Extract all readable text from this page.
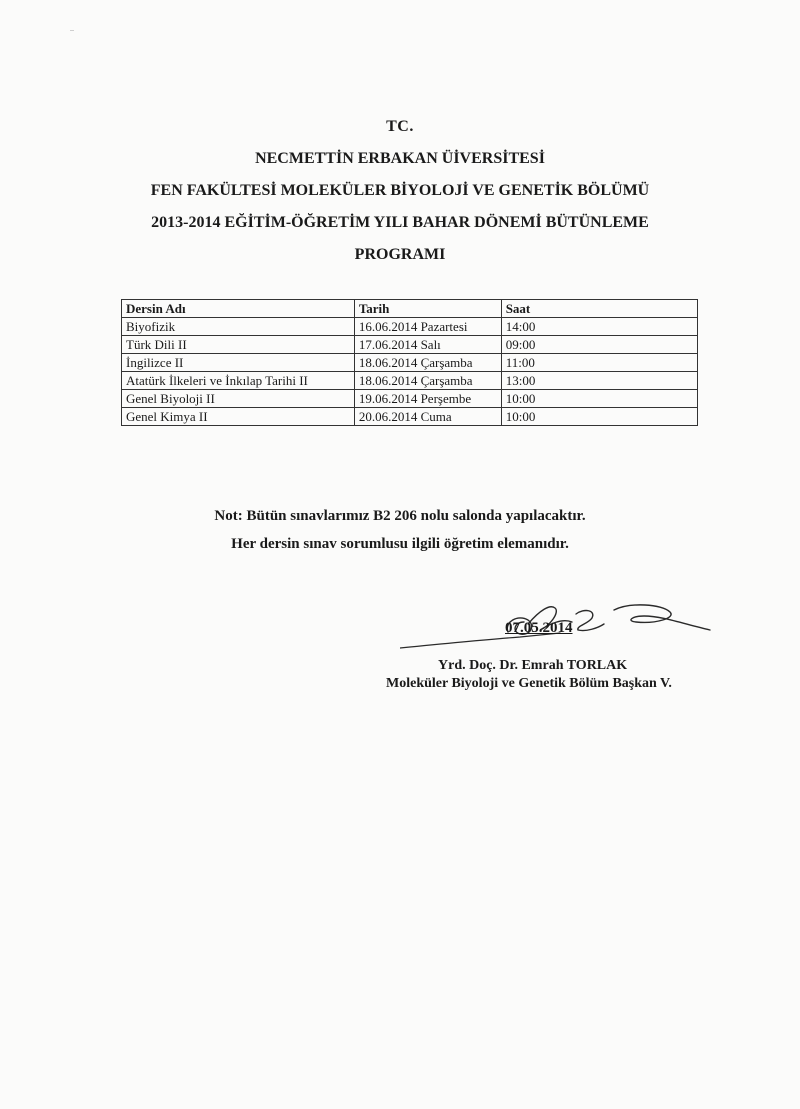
TC.
NECMETTİN ERBAKAN ÜİVERSİTESİ
FEN FAKÜLTESİ MOLEKÜLER BİYOLOJİ VE GENETİK BÖLÜMÜ
2013-2014 EĞİTİM-ÖĞRETİM YILI BAHAR DÖNEMİ BÜTÜNLEME
PROGRAMI
Dersin Adı	Tarih	Saat
Biyofizik	16.06.2014 Pazartesi	14:00
Türk Dili II	17.06.2014 Salı	09:00
İngilizce II	18.06.2014 Çarşamba	11:00
Atatürk İlkeleri ve İnkılap Tarihi II	18.06.2014 Çarşamba	13:00
Genel Biyoloji II	19.06.2014 Perşembe	10:00
Genel Kimya II	20.06.2014 Cuma	10:00
Not: Bütün sınavlarımız B2 206 nolu salonda yapılacaktır.
Her dersin sınav sorumlusu ilgili öğretim elemanıdır.
07.05.2014
Yrd. Doç. Dr. Emrah TORLAK
Moleküler Biyoloji ve Genetik Bölüm Başkan V.
